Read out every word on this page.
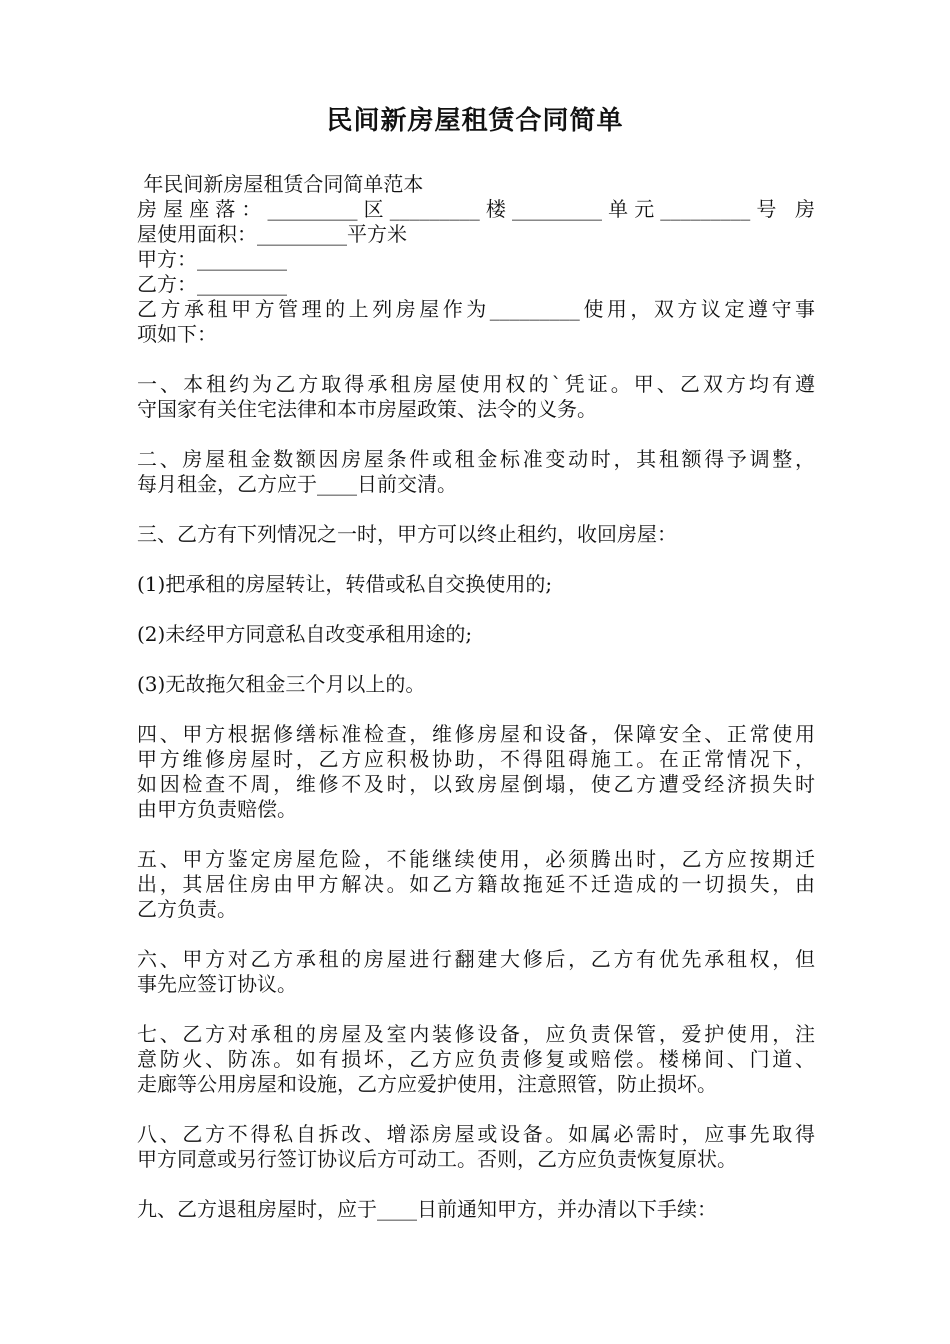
民间新房屋租赁合同简单
年民间新房屋租赁合同简单范本
房屋座落：_________区_________楼_________单元_________号 房
屋使用面积：_________平方米
甲方：_________
乙方：_________
乙方承租甲方管理的上列房屋作为_________使用，双方议定遵守事
项如下：
一、本租约为乙方取得承租房屋使用权的`凭证。甲、乙双方均有遵
守国家有关住宅法律和本市房屋政策、法令的义务。
二、房屋租金数额因房屋条件或租金标准变动时，其租额得予调整，
每月租金，乙方应于____日前交清。
三、乙方有下列情况之一时，甲方可以终止租约，收回房屋：
(1)把承租的房屋转让，转借或私自交换使用的;
(2)未经甲方同意私自改变承租用途的;
(3)无故拖欠租金三个月以上的。
四、甲方根据修缮标准检查，维修房屋和设备，保障安全、正常使用
甲方维修房屋时，乙方应积极协助，不得阻碍施工。在正常情况下，
如因检查不周，维修不及时，以致房屋倒塌，使乙方遭受经济损失时
由甲方负责赔偿。
五、甲方鉴定房屋危险，不能继续使用，必须腾出时，乙方应按期迁
出，其居住房由甲方解决。如乙方籍故拖延不迁造成的一切损失，由
乙方负责。
六、甲方对乙方承租的房屋进行翻建大修后，乙方有优先承租权，但
事先应签订协议。
七、乙方对承租的房屋及室内装修设备，应负责保管，爱护使用，注
意防火、防冻。如有损坏，乙方应负责修复或赔偿。楼梯间、门道、
走廊等公用房屋和设施，乙方应爱护使用，注意照管，防止损坏。
八、乙方不得私自拆改、增添房屋或设备。如属必需时，应事先取得
甲方同意或另行签订协议后方可动工。否则，乙方应负责恢复原状。
九、乙方退租房屋时，应于____日前通知甲方，并办清以下手续：
